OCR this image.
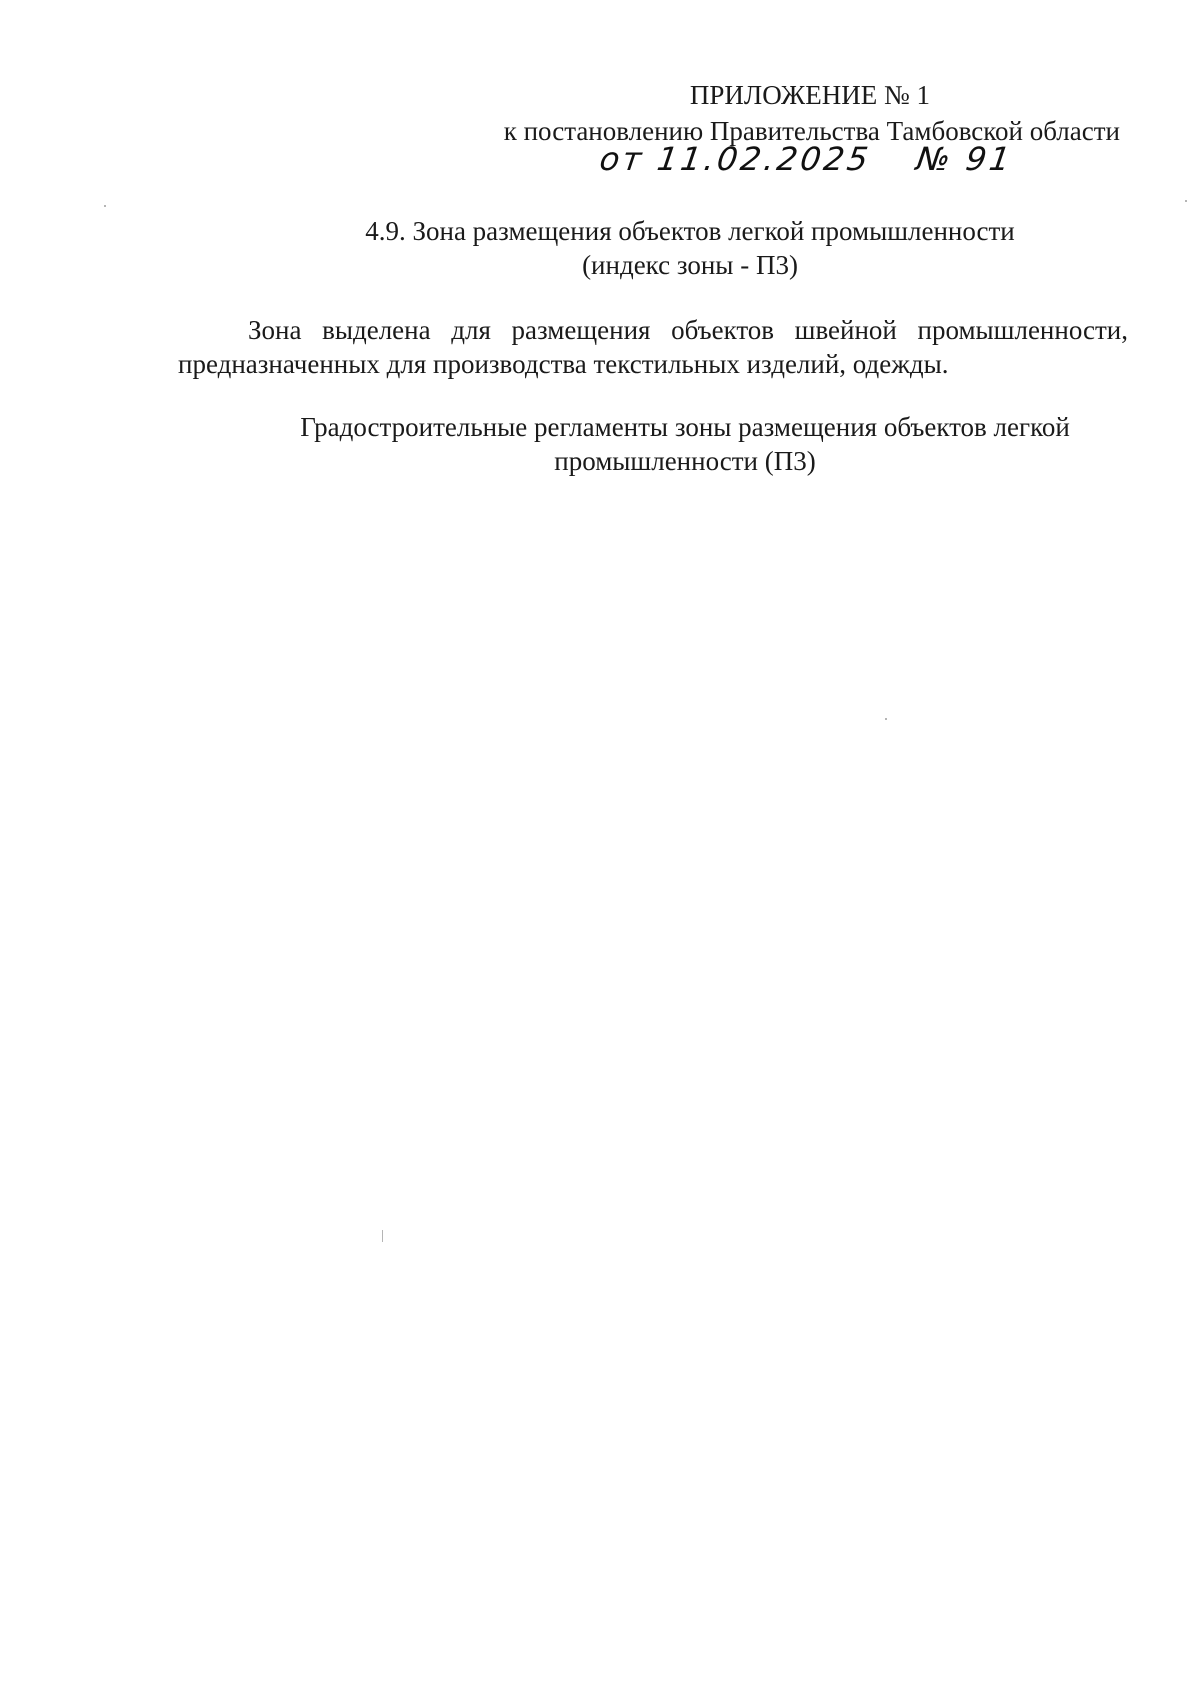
ПРИЛОЖЕНИЕ № 1
к постановлению Правительства Тамбовской области
от 11.02.2025 № 91
4.9. Зона размещения объектов легкой промышленности
(индекс зоны - П3)
Зона выделена для размещения объектов швейной промышленности, предназначенных для производства текстильных изделий, одежды.
Градостроительные регламенты зоны размещения объектов легкой
промышленности (П3)
